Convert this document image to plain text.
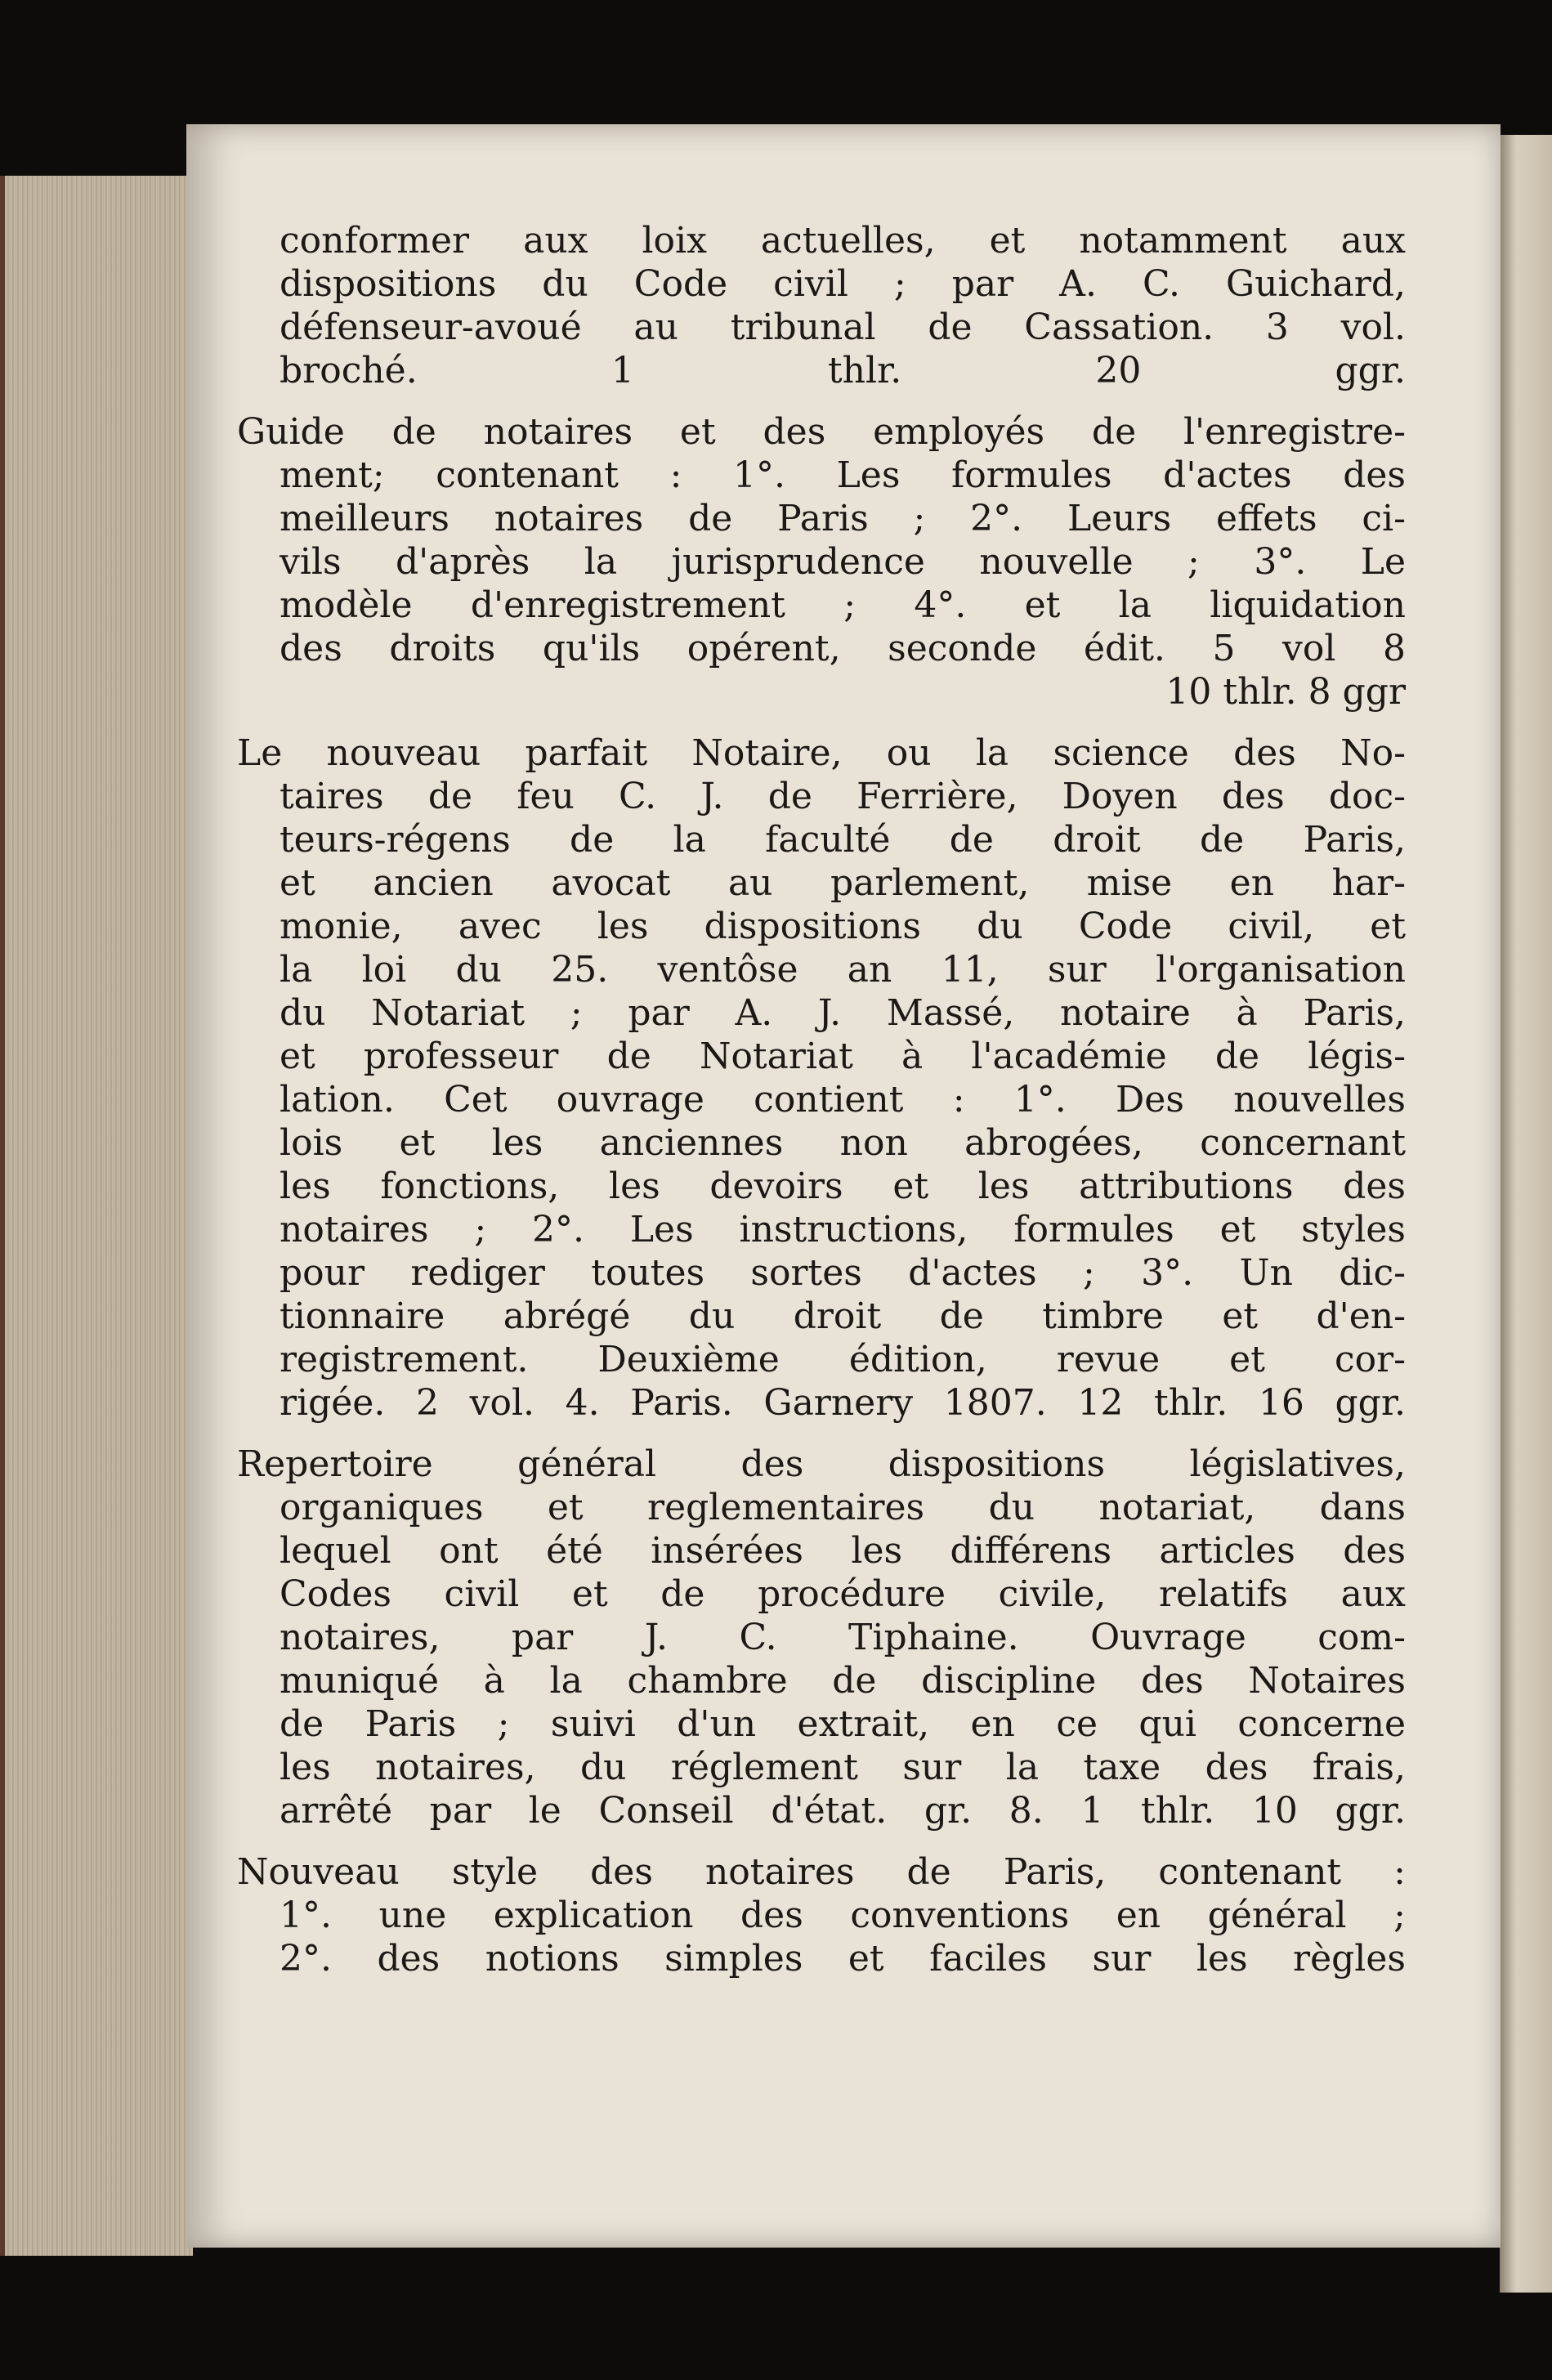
conformer aux loix actuelles, et notamment aux
dispositions du Code civil ; par A. C. Guichard,
défenseur-avoué au tribunal de Cassation. 3 vol.
broché. 1 thlr. 20 ggr.
Guide de notaires et des employés de l'enregistre-
ment; contenant : 1°. Les formules d'actes des
meilleurs notaires de Paris ; 2°. Leurs effets ci-
vils d'après la jurisprudence nouvelle ; 3°. Le
modèle d'enregistrement ; 4°. et la liquidation
des droits qu'ils opérent, seconde édit. 5 vol 8
10 thlr. 8 ggr
Le nouveau parfait Notaire, ou la science des No-
taires de feu C. J. de Ferrière, Doyen des doc-
teurs-régens de la faculté de droit de Paris,
et ancien avocat au parlement, mise en har-
monie, avec les dispositions du Code civil, et
la loi du 25. ventôse an 11, sur l'organisation
du Notariat ; par A. J. Massé, notaire à Paris,
et professeur de Notariat à l'académie de légis-
lation. Cet ouvrage contient : 1°. Des nouvelles
lois et les anciennes non abrogées, concernant
les fonctions, les devoirs et les attributions des
notaires ; 2°. Les instructions, formules et styles
pour rediger toutes sortes d'actes ; 3°. Un dic-
tionnaire abrégé du droit de timbre et d'en-
registrement. Deuxième édition, revue et cor-
rigée. 2 vol. 4. Paris. Garnery 1807. 12 thlr. 16 ggr.
Repertoire général des dispositions législatives,
organiques et reglementaires du notariat, dans
lequel ont été insérées les différens articles des
Codes civil et de procédure civile, relatifs aux
notaires, par J. C. Tiphaine. Ouvrage com-
muniqué à la chambre de discipline des Notaires
de Paris ; suivi d'un extrait, en ce qui concerne
les notaires, du réglement sur la taxe des frais,
arrêté par le Conseil d'état. gr. 8. 1 thlr. 10 ggr.
Nouveau style des notaires de Paris, contenant :
1°. une explication des conventions en général ;
2°. des notions simples et faciles sur les règles
